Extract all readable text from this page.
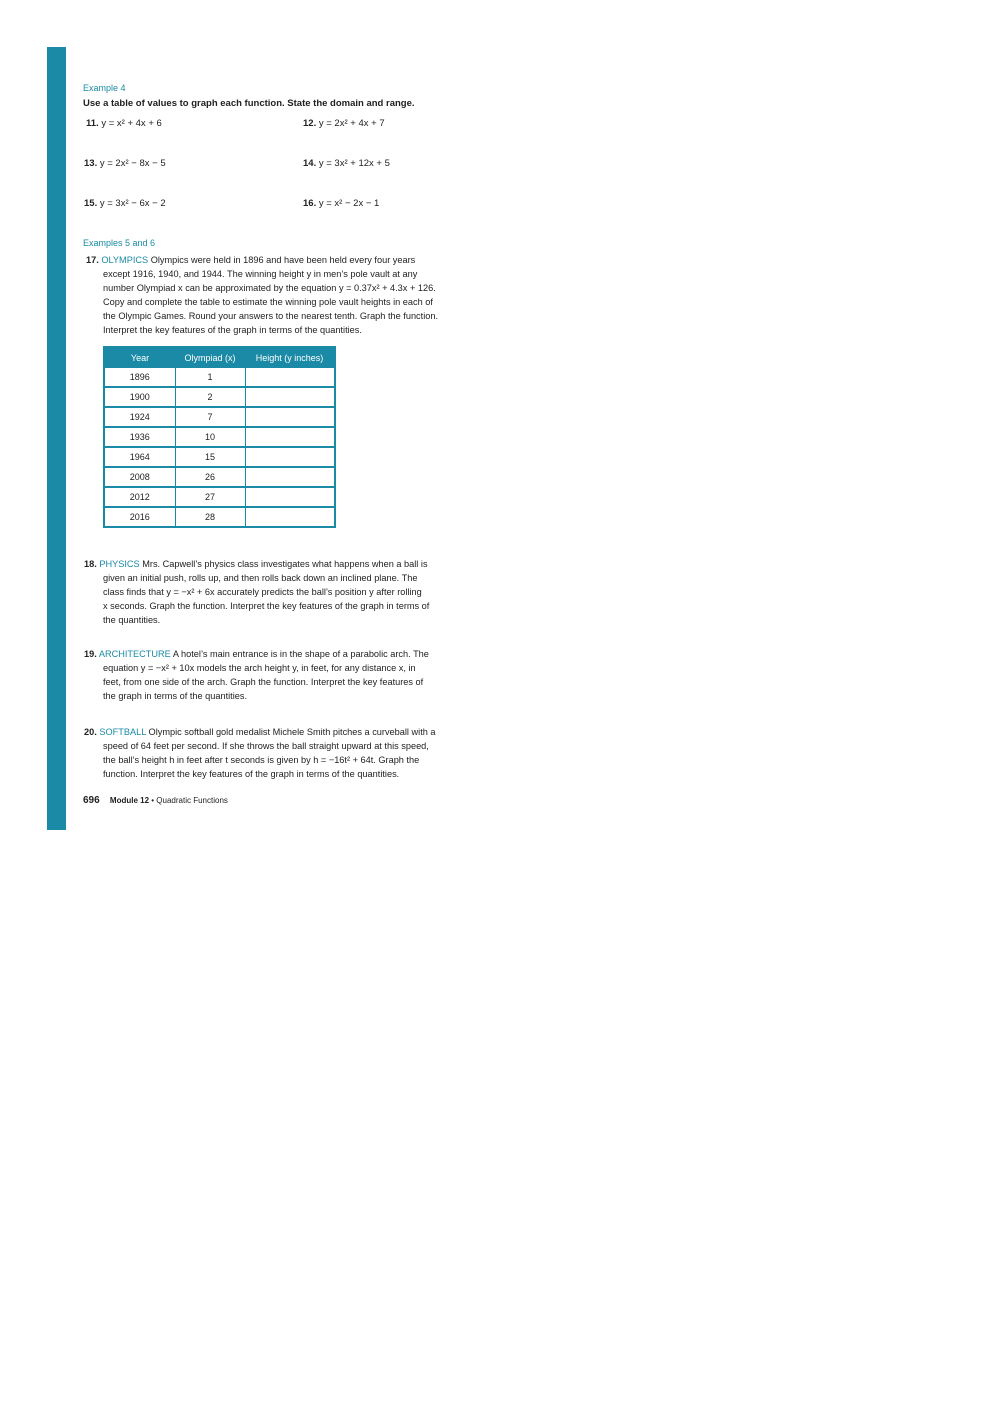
Example 4
Use a table of values to graph each function. State the domain and range.
11. y = x² + 4x + 6	12. y = 2x² + 4x + 7
13. y = 2x² − 8x − 5	14. y = 3x² + 12x + 5
15. y = 3x² − 6x − 2	16. y = x² − 2x − 1
Examples 5 and 6
17. OLYMPICS Olympics were held in 1896 and have been held every four years
except 1916, 1940, and 1944. The winning height y in men’s pole vault at any
number Olympiad x can be approximated by the equation y = 0.37x² + 4.3x + 126.
Copy and complete the table to estimate the winning pole vault heights in each of
the Olympic Games. Round your answers to the nearest tenth. Graph the function.
Interpret the key features of the graph in terms of the quantities.
Year	Olympiad (x)	Height (y inches)
1896	1	
1900	2	
1924	7	
1936	10	
1964	15	
2008	26	
2012	27	
2016	28	
18. PHYSICS Mrs. Capwell’s physics class investigates what happens when a ball is
given an initial push, rolls up, and then rolls back down an inclined plane. The
class finds that y = −x² + 6x accurately predicts the ball’s position y after rolling
x seconds. Graph the function. Interpret the key features of the graph in terms of
the quantities.
19. ARCHITECTURE A hotel’s main entrance is in the shape of a parabolic arch. The
equation y = −x² + 10x models the arch height y, in feet, for any distance x, in
feet, from one side of the arch. Graph the function. Interpret the key features of
the graph in terms of the quantities.
20. SOFTBALL Olympic softball gold medalist Michele Smith pitches a curveball with a
speed of 64 feet per second. If she throws the ball straight upward at this speed,
the ball’s height h in feet after t seconds is given by h = −16t² + 64t. Graph the
function. Interpret the key features of the graph in terms of the quantities.
696 Module 12 • Quadratic Functions
